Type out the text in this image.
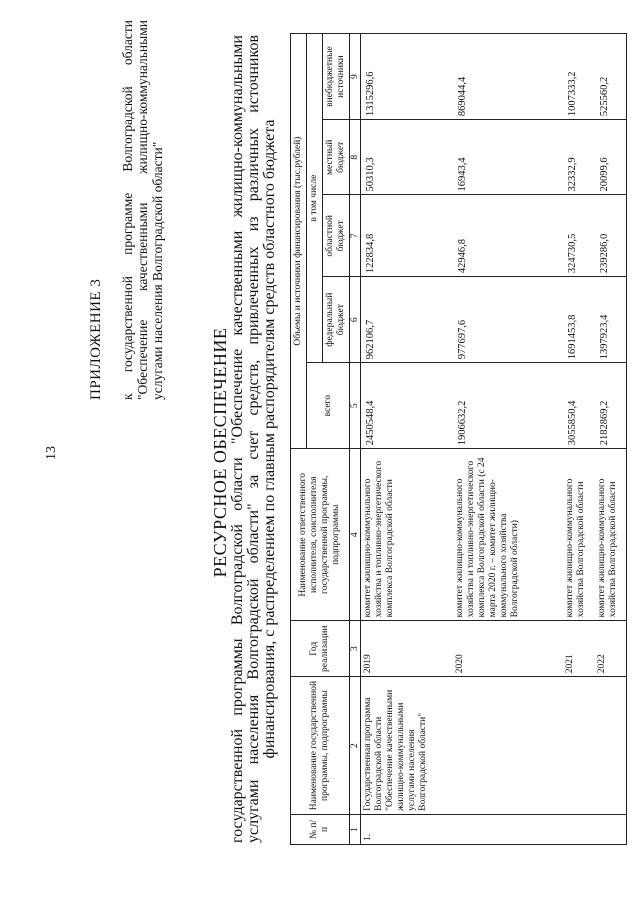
13
ПРИЛОЖЕНИЕ 3 к государственной программе Волгоградской области "Обеспечение качественными жилищно-коммунальными услугами населения Волгоградской области"
РЕСУРСНОЕ ОБЕСПЕЧЕНИЕ государственной программы Волгоградской области "Обеспечение качественными жилищно-коммунальными услугами населения Волгоградской области" за счет средств, привлеченных из различных источников финансирования, с распределением по главным распорядителям средств областного бюджета
№ п/п	Наименование государственной программы, подпрограммы	Год реализации	Наименование ответственного исполнителя, соисполнителя государственной программы, подпрограммы	Объемы и источники финансирования (тыс.рублей)				
				всего	в том числе			
					федеральный бюджет	областной бюджет	местный бюджет	внебюджетные источники
1	2	3	4	5	6	7	8	9
1.	Государственная программа Волгоградской области "Обеспечение качественными жилищно-коммунальными услугами населения Волгоградской области"	2019	комитет жилищно-коммунального хозяйства и топливно-энергетического комплекса Волгоградской области	2450548,4	962106,7	122834,8	50310,3	1315296,6
		2020	комитет жилищно-коммунального хозяйства и топливно-энергетического комплекса Волгоградской области (с 24 марта 2020 г. – комитет жилищно-коммунального хозяйства Волгоградской области)	1906632,2	977697,6	42946,8	16943,4	869044,4
		2021	комитет жилищно-коммунального хозяйства Волгоградской области	3055850,4	1691453,8	324730,5	32332,9	1007333,2
		2022	комитет жилищно-коммунального хозяйства Волгоградской области	2182869,2	1397923,4	239286,0	20099,6	525560,2
